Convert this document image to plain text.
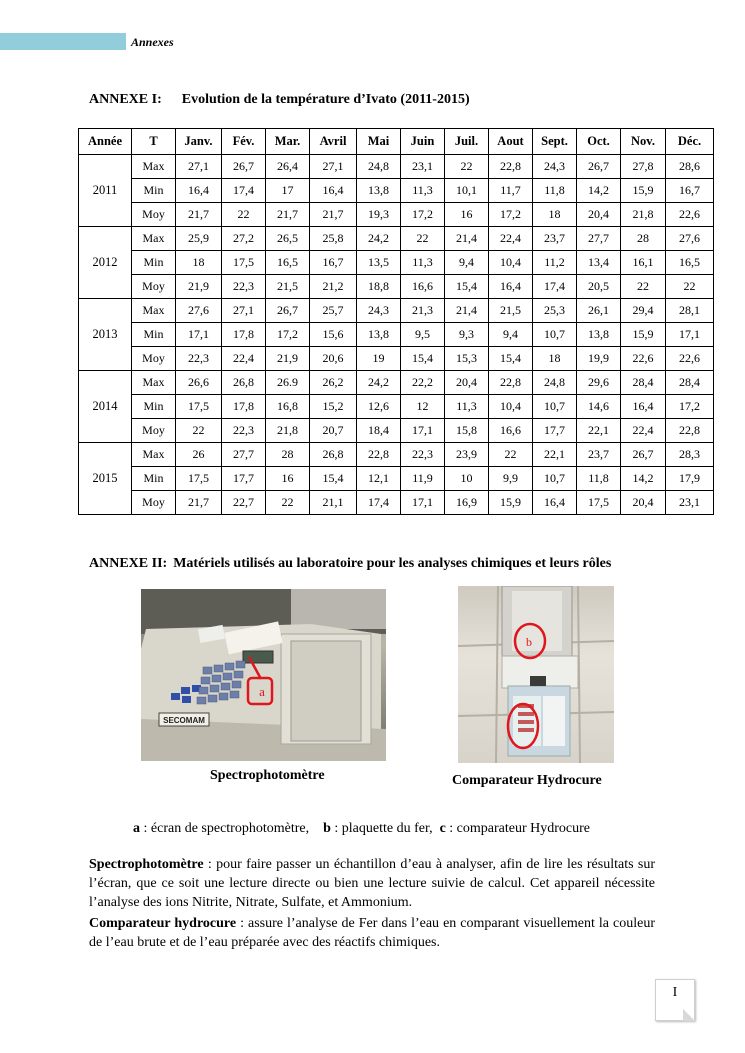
Annexes
ANNEXE I: Evolution de la température d’Ivato (2011-2015)
Année	T	Janv.	Fév.	Mar.	Avril	Mai	Juin	Juil.	Aout	Sept.	Oct.	Nov.	Déc.
2011	Max	27,1	26,7	26,4	27,1	24,8	23,1	22	22,8	24,3	26,7	27,8	28,6
	Min	16,4	17,4	17	16,4	13,8	11,3	10,1	11,7	11,8	14,2	15,9	16,7
	Moy	21,7	22	21,7	21,7	19,3	17,2	16	17,2	18	20,4	21,8	22,6
2012	Max	25,9	27,2	26,5	25,8	24,2	22	21,4	22,4	23,7	27,7	28	27,6
	Min	18	17,5	16,5	16,7	13,5	11,3	9,4	10,4	11,2	13,4	16,1	16,5
	Moy	21,9	22,3	21,5	21,2	18,8	16,6	15,4	16,4	17,4	20,5	22	22
2013	Max	27,6	27,1	26,7	25,7	24,3	21,3	21,4	21,5	25,3	26,1	29,4	28,1
	Min	17,1	17,8	17,2	15,6	13,8	9,5	9,3	9,4	10,7	13,8	15,9	17,1
	Moy	22,3	22,4	21,9	20,6	19	15,4	15,3	15,4	18	19,9	22,6	22,6
2014	Max	26,6	26,8	26.9	26,2	24,2	22,2	20,4	22,8	24,8	29,6	28,4	28,4
	Min	17,5	17,8	16,8	15,2	12,6	12	11,3	10,4	10,7	14,6	16,4	17,2
	Moy	22	22,3	21,8	20,7	18,4	17,1	15,8	16,6	17,7	22,1	22,4	22,8
2015	Max	26	27,7	28	26,8	22,8	22,3	23,9	22	22,1	23,7	26,7	28,3
	Min	17,5	17,7	16	15,4	12,1	11,9	10	9,9	10,7	11,8	14,2	17,9
	Moy	21,7	22,7	22	21,1	17,4	17,1	16,9	15,9	16,4	17,5	20,4	23,1
ANNEXE II: Matériels utilisés au laboratoire pour les analyses chimiques et leurs rôles
SECOMAM
a
b
Spectrophotomètre	Comparateur Hydrocure
a : écran de spectrophotomètre, b : plaquette du fer, c : comparateur Hydrocure
Spectrophotomètre : pour faire passer un échantillon d’eau à analyser, afin de lire les résultats sur l’écran, que ce soit une lecture directe ou bien une lecture suivie de calcul. Cet appareil nécessite l’analyse des ions Nitrite, Nitrate, Sulfate, et Ammonium.
Comparateur hydrocure : assure l’analyse de Fer dans l’eau en comparant visuellement la couleur de l’eau brute et de l’eau préparée avec des réactifs chimiques.
I
